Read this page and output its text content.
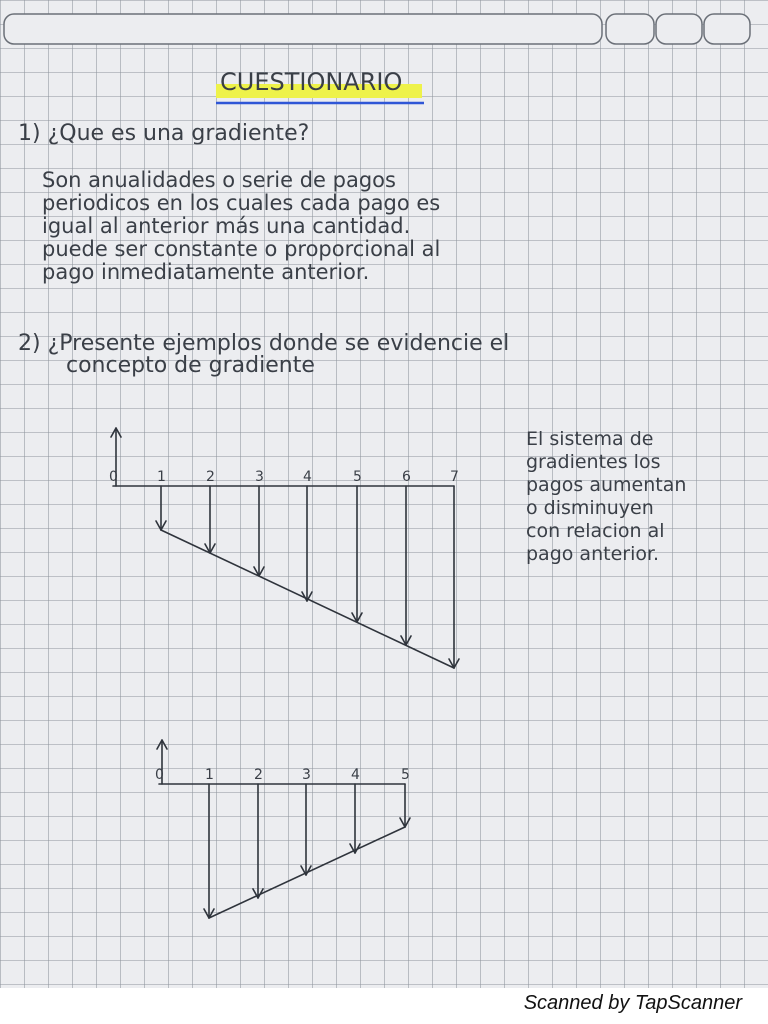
CUESTIONARIO
1) ¿Que es una gradiente?
Son anualidades o serie de pagos
periodicos en los cuales cada pago es
igual al anterior más una cantidad.
puede ser constante o proporcional al
pago inmediatamente anterior.
2) ¿Presente ejemplos donde se evidencie el
concepto de gradiente
0	1	2	3	4	5	6	7
El sistema de
gradientes los
pagos aumentan
o disminuyen
con relacion al
pago anterior.
0	1	2	3	4	5
Scanned by TapScanner
